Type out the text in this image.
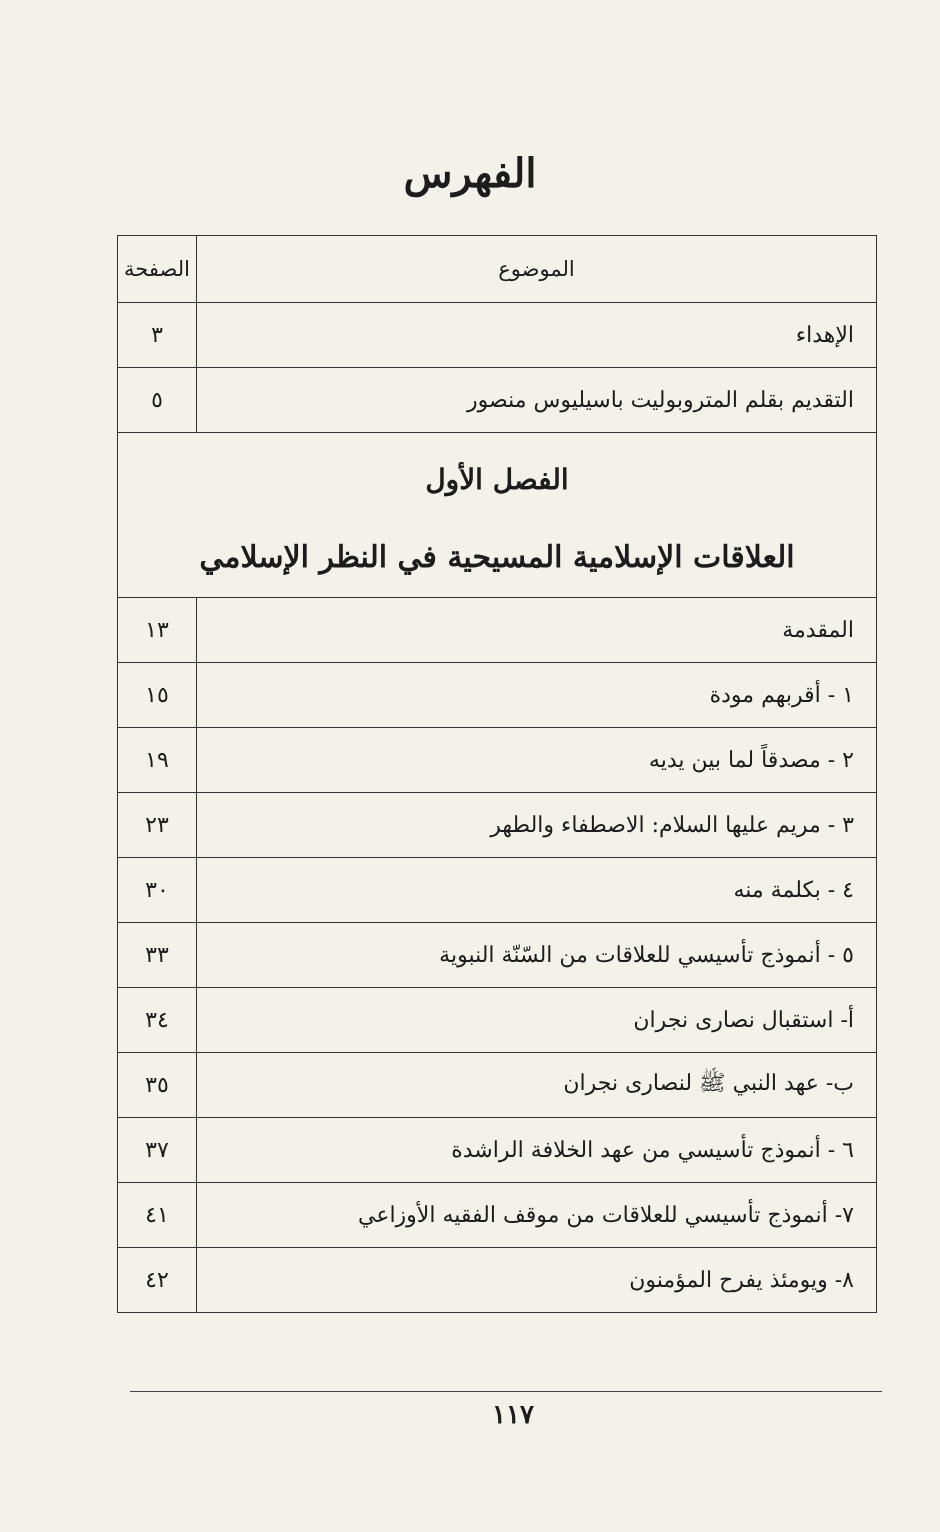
الفهرس
الموضوع	الصفحة
الإهداء	٣
التقديم بقلم المتروبوليت باسيليوس منصور	٥

الفصل الأول
العلاقات الإسلامية المسيحية في النظر الإسلامي	

المقدمة	١٣
١ - أقربهم مودة	١٥
٢ - مصدقاً لما بين يديه	١٩
٣ - مريم عليها السلام: الاصطفاء والطهر	٢٣
٤ - بكلمة منه	٣٠
٥ - أنموذج تأسيسي للعلاقات من السّنّة النبوية	٣٣
أ- استقبال نصارى نجران	٣٤
ب- عهد النبي ﷺ لنصارى نجران	٣٥
٦ - أنموذج تأسيسي من عهد الخلافة الراشدة	٣٧
٧- أنموذج تأسيسي للعلاقات من موقف الفقيه الأوزاعي	٤١
٨- ويومئذ يفرح المؤمنون	٤٢
١١٧
